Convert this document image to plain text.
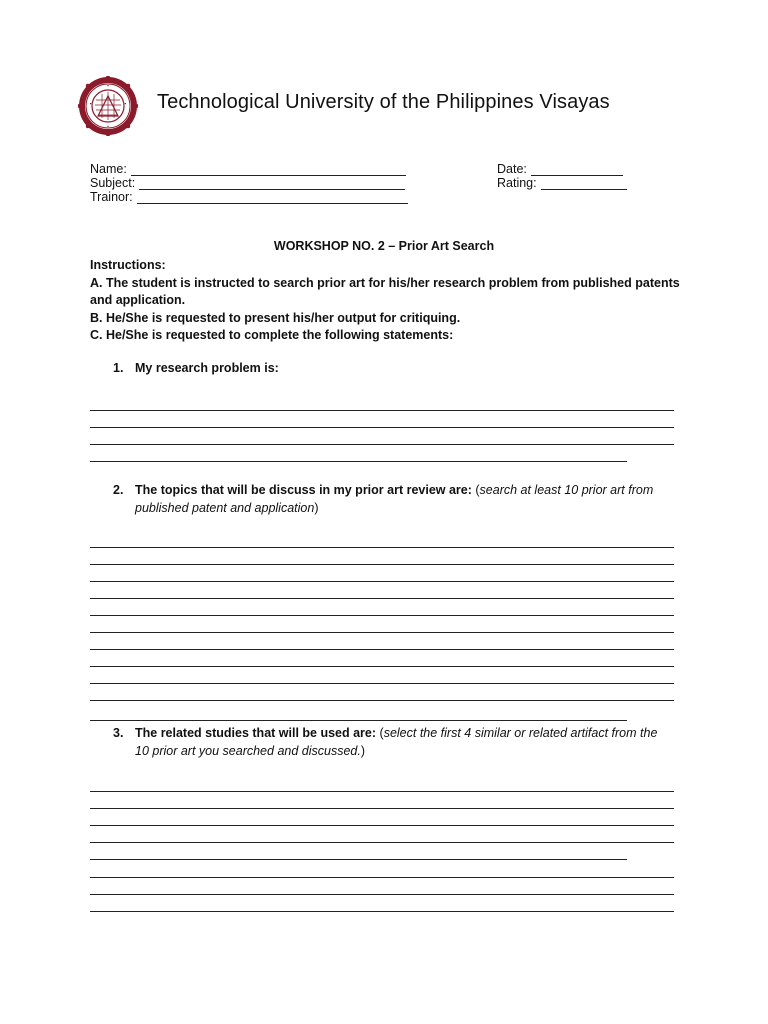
Technological University of the Philippines Visayas
Name:
Subject:
Trainor:
Date:
Rating:
WORKSHOP NO. 2 – Prior Art Search

Instructions:

A. The student is instructed to search prior art for his/her research problem from published patents and application.

B. He/She is requested to present his/her output for critiquing.

C. He/She is requested to complete the following statements:

1. My research problem is:
2. The topics that will be discuss in my prior art review are: (search at least 10 prior art from published patent and application)
3. The related studies that will be used are: (select the first 4 similar or related artifact from the 10 prior art you searched and discussed.)
